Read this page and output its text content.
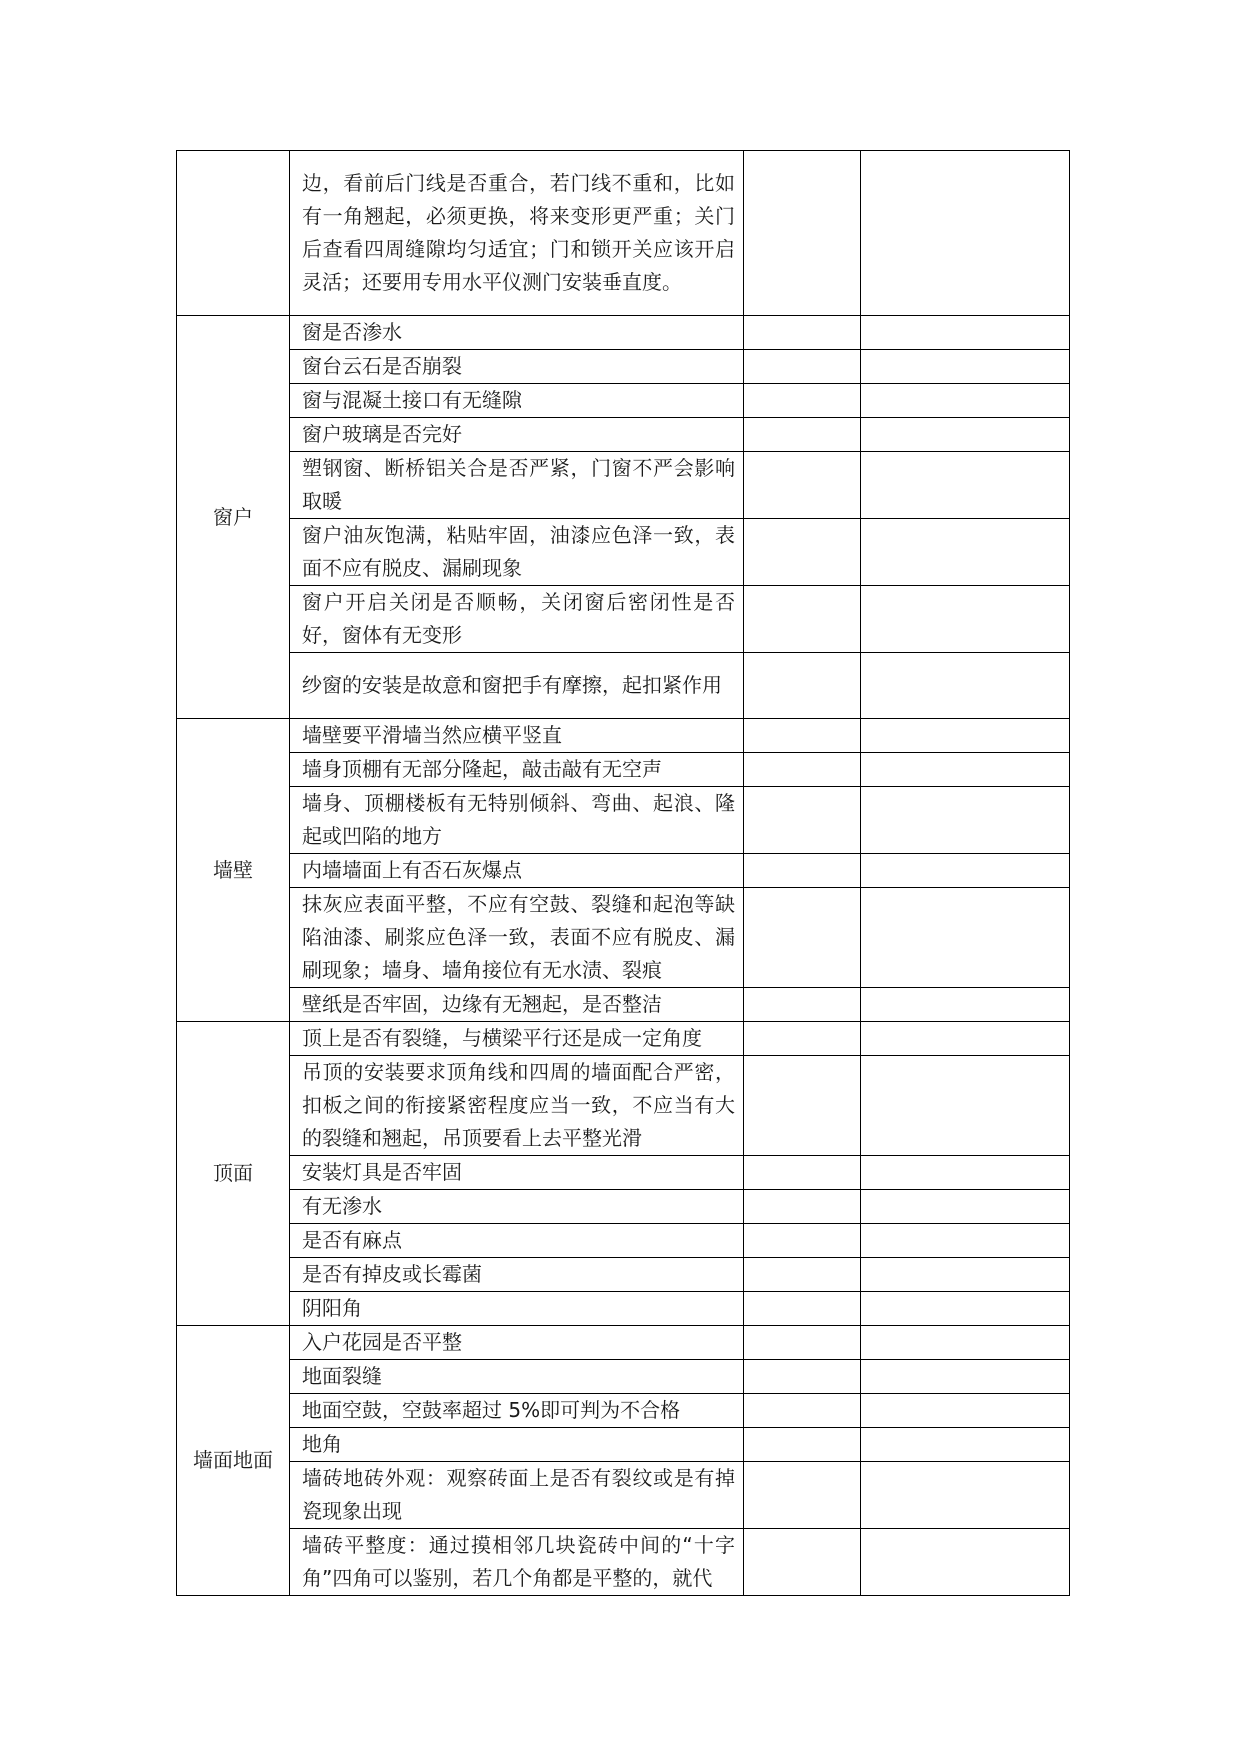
	边，看前后门线是否重合，若门线不重和，比如有一角翘起，必须更换，将来变形更严重；关门后查看四周缝隙均匀适宜；门和锁开关应该开启灵活；还要用专用水平仪测门安装垂直度。		

窗户	窗是否渗水		

	窗台云石是否崩裂		

	窗与混凝土接口有无缝隙		

	窗户玻璃是否完好		

	塑钢窗、断桥铝关合是否严紧，门窗不严会影响取暖		

	窗户油灰饱满，粘贴牢固，油漆应色泽一致，表面不应有脱皮、漏刷现象		

	窗户开启关闭是否顺畅，关闭窗后密闭性是否好，窗体有无变形		

	纱窗的安装是故意和窗把手有摩擦，起扣紧作用		

墙壁	墙壁要平滑墙当然应横平竖直		

	墙身顶棚有无部分隆起，敲击敲有无空声		

	墙身、顶棚楼板有无特别倾斜、弯曲、起浪、隆起或凹陷的地方		

	内墙墙面上有否石灰爆点		

	抹灰应表面平整，不应有空鼓、裂缝和起泡等缺陷油漆、刷浆应色泽一致，表面不应有脱皮、漏刷现象；墙身、墙角接位有无水渍、裂痕		

	壁纸是否牢固，边缘有无翘起，是否整洁		

顶面	顶上是否有裂缝，与横梁平行还是成一定角度		

	吊顶的安装要求顶角线和四周的墙面配合严密，扣板之间的衔接紧密程度应当一致，不应当有大的裂缝和翘起，吊顶要看上去平整光滑		

	安装灯具是否牢固		

	有无渗水		

	是否有麻点		

	是否有掉皮或长霉菌		

	阴阳角		

墙面地面	入户花园是否平整		

	地面裂缝		

	地面空鼓，空鼓率超过 5%即可判为不合格		

	地角		

	墙砖地砖外观：观察砖面上是否有裂纹或是有掉瓷现象出现		

	墙砖平整度：通过摸相邻几块瓷砖中间的“十字角”四角可以鉴别，若几个角都是平整的，就代		
